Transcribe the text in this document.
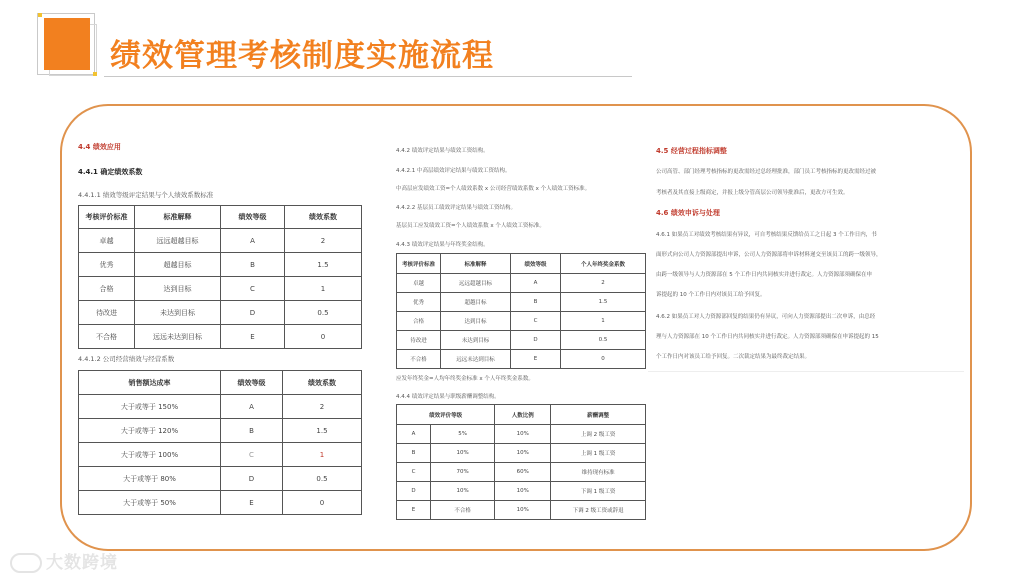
绩效管理考核制度实施流程
4.4 绩效应用
4.4.1 确定绩效系数
4.4.1.1 绩效等级评定结果与个人绩效系数标准
考核评价标准	标准解释	绩效等级	绩效系数
卓越	远远超越目标	A	2
优秀	超越目标	B	1.5
合格	达到目标	C	1
待改进	未达到目标	D	0.5
不合格	远远未达到目标	E	0
4.4.1.2 公司经营绩效与经营系数
销售额达成率	绩效等级	绩效系数
大于或等于 150%	A	2
大于或等于 120%	B	1.5
大于或等于 100%	C	1
大于或等于 80%	D	0.5
大于或等于 50%	E	0
4.4.2 绩效评定结果与绩效工资结构。
4.4.2.1 中高层绩效评定结果与绩效工资结构。
中高层应发绩效工资=个人绩效系数 x 公司经营绩效系数 x 个人绩效工资标准。
4.4.2.2 基层员工绩效评定结果与绩效工资结构。
基层员工应发绩效工资=个人绩效系数 x 个人绩效工资标准。
4.4.3 绩效评定结果与年终奖金结构。
考核评价标准	标准解释	绩效等级	个人年终奖金系数
卓越	远远超越目标	A	2
优秀	超越目标	B	1.5
合格	达到目标	C	1
待改进	未达到目标	D	0.5
不合格	远远未达到目标	E	0
应发年终奖金=人均年终奖金标准 x 个人年终奖金系数。
4.4.4 绩效评定结果与职级薪酬调整结构。
绩效评价等级		人数比例	薪酬调整
A	5%	10%	上调 2 级工资
B	10%	10%	上调 1 级工资
C	70%	60%	维持现有标准
D	10%	10%	下调 1 级工资
E	不合格	10%	下调 2 级工资或辞退
4.5 经营过程指标调整
公司高管、部门经理考核指标的更改需经过总经理批准，部门员工考核指标的更改需经过被
考核者及其直接上级商定，并报上级分管高层公司领导批准后，更改方可生效。
4.6 绩效申诉与处理
4.6.1 如果员工对绩效考核结果有异议，可自考核结果反馈给员工之日起 3 个工作日内，书
面形式向公司人力资源部提出申诉，公司人力资源部将申诉材料递交至该员工的跨一级领导，
由跨一级领导与人力资源部在 5 个工作日内共同核实并进行裁定。人力资源部须确保在申
诉提起的 10 个工作日内对该员工给予回复。
4.6.2 如果员工对人力资源部回复的结果仍有异议，可向人力资源部提出二次申诉，由总经
理与人力资源部在 10 个工作日内共同核实并进行裁定。人力资源部须确保在申诉提起的 15
个工作日内对该员工给予回复。二次裁定结果为最终裁定结果。
大数跨境
